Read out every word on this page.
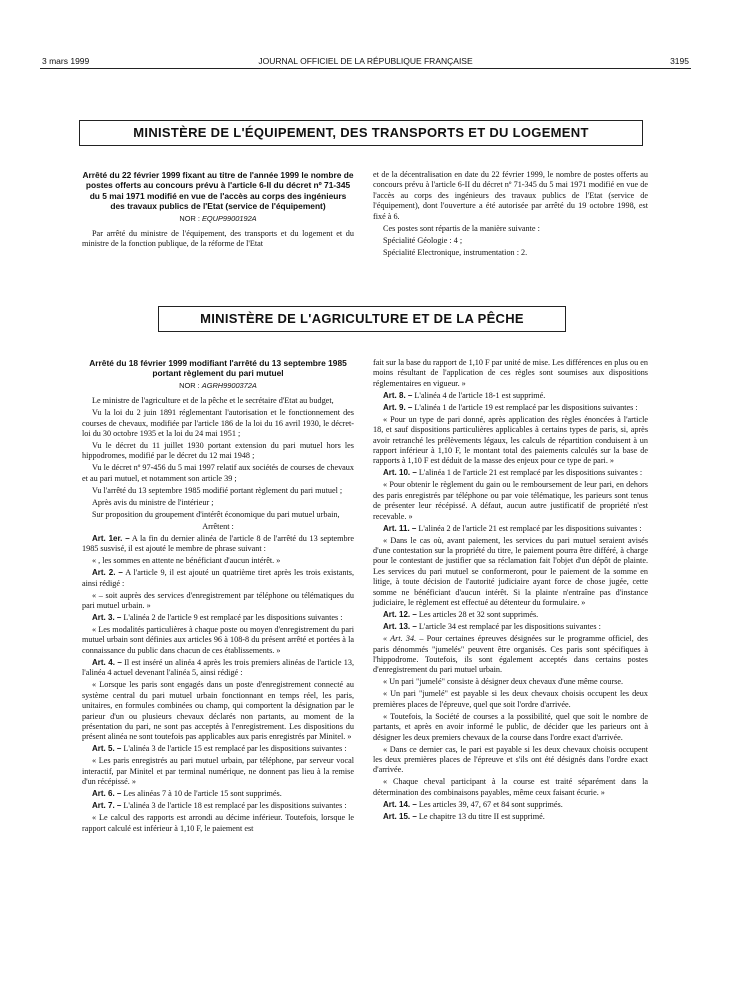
3 mars 1999	JOURNAL OFFICIEL DE LA RÉPUBLIQUE FRANÇAISE	3195
MINISTÈRE DE L'ÉQUIPEMENT, DES TRANSPORTS ET DU LOGEMENT
Arrêté du 22 février 1999 fixant au titre de l'année 1999 le nombre de postes offerts au concours prévu à l'article 6-II du décret nº 71-345 du 5 mai 1971 modifié en vue de l'accès au corps des ingénieurs des travaux publics de l'Etat (service de l'équipement)
NOR : EQUP9900192A

Par arrêté du ministre de l'équipement, des transports et du logement et du ministre de la fonction publique, de la réforme de l'Etat

et de la décentralisation en date du 22 février 1999, le nombre de postes offerts au concours prévu à l'article 6-II du décret nº 71-345 du 5 mai 1971 modifié en vue de l'accès au corps des ingénieurs des travaux publics de l'Etat (service de l'équipement), dont l'ouverture a été autorisée par arrêté du 19 octobre 1998, est fixé à 6.

Ces postes sont répartis de la manière suivante :

Spécialité Géologie : 4 ;

Spécialité Electronique, instrumentation : 2.

MINISTÈRE DE L'AGRICULTURE ET DE LA PÊCHE
Arrêté du 18 février 1999 modifiant l'arrêté du 13 septembre 1985 portant règlement du pari mutuel
NOR : AGRH9900372A

Le ministre de l'agriculture et de la pêche et le secrétaire d'Etat au budget,

Vu la loi du 2 juin 1891 réglementant l'autorisation et le fonctionnement des courses de chevaux, modifiée par l'article 186 de la loi du 16 avril 1930, le décret-loi du 30 octobre 1935 et la loi du 24 mai 1951 ;

Vu le décret du 11 juillet 1930 portant extension du pari mutuel hors les hippodromes, modifié par le décret du 12 mai 1948 ;

Vu le décret nº 97-456 du 5 mai 1997 relatif aux sociétés de courses de chevaux et au pari mutuel, et notamment son article 39 ;

Vu l'arrêté du 13 septembre 1985 modifié portant règlement du pari mutuel ;

Après avis du ministre de l'intérieur ;

Sur proposition du groupement d'intérêt économique du pari mutuel urbain,

Arrêtent :

Art. 1er. – A la fin du dernier alinéa de l'article 8 de l'arrêté du 13 septembre 1985 susvisé, il est ajouté le membre de phrase suivant :

« , les sommes en attente ne bénéficiant d'aucun intérêt. »

Art. 2. – A l'article 9, il est ajouté un quatrième tiret après les trois existants, ainsi rédigé :

« – soit auprès des services d'enregistrement par téléphone ou télématiques du pari mutuel urbain. »

Art. 3. – L'alinéa 2 de l'article 9 est remplacé par les dispositions suivantes :

« Les modalités particulières à chaque poste ou moyen d'enregistrement du pari mutuel urbain sont définies aux articles 96 à 108-8 du présent arrêté et portées à la connaissance du public dans chacun de ces établissements. »

Art. 4. – Il est inséré un alinéa 4 après les trois premiers alinéas de l'article 13, l'alinéa 4 actuel devenant l'alinéa 5, ainsi rédigé :

« Lorsque les paris sont engagés dans un poste d'enregistrement connecté au système central du pari mutuel urbain fonctionnant en temps réel, les paris, unitaires, en formules combinées ou champ, qui comportent la désignation par le parieur d'un ou plusieurs chevaux déclarés non partants, au moment de la présentation du pari, ne sont pas acceptés à l'enregistrement. Les dispositions du présent alinéa ne sont toutefois pas applicables aux paris enregistrés par Minitel. »

Art. 5. – L'alinéa 3 de l'article 15 est remplacé par les dispositions suivantes :

« Les paris enregistrés au pari mutuel urbain, par téléphone, par serveur vocal interactif, par Minitel et par terminal numérique, ne donnent pas lieu à la remise d'un récépissé. »

Art. 6. – Les alinéas 7 à 10 de l'article 15 sont supprimés.

Art. 7. – L'alinéa 3 de l'article 18 est remplacé par les dispositions suivantes :

« Le calcul des rapports est arrondi au décime inférieur. Toutefois, lorsque le rapport calculé est inférieur à 1,10 F, le paiement est

fait sur la base du rapport de 1,10 F par unité de mise. Les différences en plus ou en moins résultant de l'application de ces règles sont soumises aux dispositions réglementaires en vigueur. »

Art. 8. – L'alinéa 4 de l'article 18-1 est supprimé.

Art. 9. – L'alinéa 1 de l'article 19 est remplacé par les dispositions suivantes :

« Pour un type de pari donné, après application des règles énoncées à l'article 18, et sauf dispositions particulières applicables à certains types de paris, si, après avoir retranché les prélèvements légaux, les calculs de répartition conduisent à un rapport inférieur à 1,10 F, le montant total des paiements calculés sur la base de rapports à 1,10 F est déduit de la masse des enjeux pour ce type de pari. »

Art. 10. – L'alinéa 1 de l'article 21 est remplacé par les dispositions suivantes :

« Pour obtenir le règlement du gain ou le remboursement de leur pari, en dehors des paris enregistrés par téléphone ou par voie télématique, les parieurs sont tenus de présenter leur récépissé. A défaut, aucun autre justificatif de propriété n'est recevable. »

Art. 11. – L'alinéa 2 de l'article 21 est remplacé par les dispositions suivantes :

« Dans le cas où, avant paiement, les services du pari mutuel seraient avisés d'une contestation sur la propriété du titre, le paiement pourra être différé, à charge pour le contestant de justifier que sa réclamation fait l'objet d'un dépôt de plainte. Les services du pari mutuel se conformeront, pour le paiement de la somme en litige, à toute décision de l'autorité judiciaire ayant force de chose jugée, cette somme ne bénéficiant d'aucun intérêt. Si la plainte n'entraîne pas d'instance judiciaire, le règlement est effectué au détenteur du formulaire. »

Art. 12. – Les articles 28 et 32 sont supprimés.

Art. 13. – L'article 34 est remplacé par les dispositions suivantes :

« Art. 34. – Pour certaines épreuves désignées sur le programme officiel, des paris dénommés "jumelés" peuvent être organisés. Ces paris sont spécifiques à l'hippodrome. Toutefois, ils sont également acceptés dans certains postes d'enregistrement du pari mutuel urbain.

« Un pari "jumelé" consiste à désigner deux chevaux d'une même course.

« Un pari "jumelé" est payable si les deux chevaux choisis occupent les deux premières places de l'épreuve, quel que soit l'ordre d'arrivée.

« Toutefois, la Société de courses a la possibilité, quel que soit le nombre de partants, et après en avoir informé le public, de décider que les parieurs ont à désigner les deux premiers chevaux de la course dans l'ordre exact d'arrivée.

« Dans ce dernier cas, le pari est payable si les deux chevaux choisis occupent les deux premières places de l'épreuve et s'ils ont été désignés dans l'ordre exact d'arrivée.

« Chaque cheval participant à la course est traité séparément dans la détermination des combinaisons payables, même ceux faisant écurie. »

Art. 14. – Les articles 39, 47, 67 et 84 sont supprimés.

Art. 15. – Le chapitre 13 du titre II est supprimé.
